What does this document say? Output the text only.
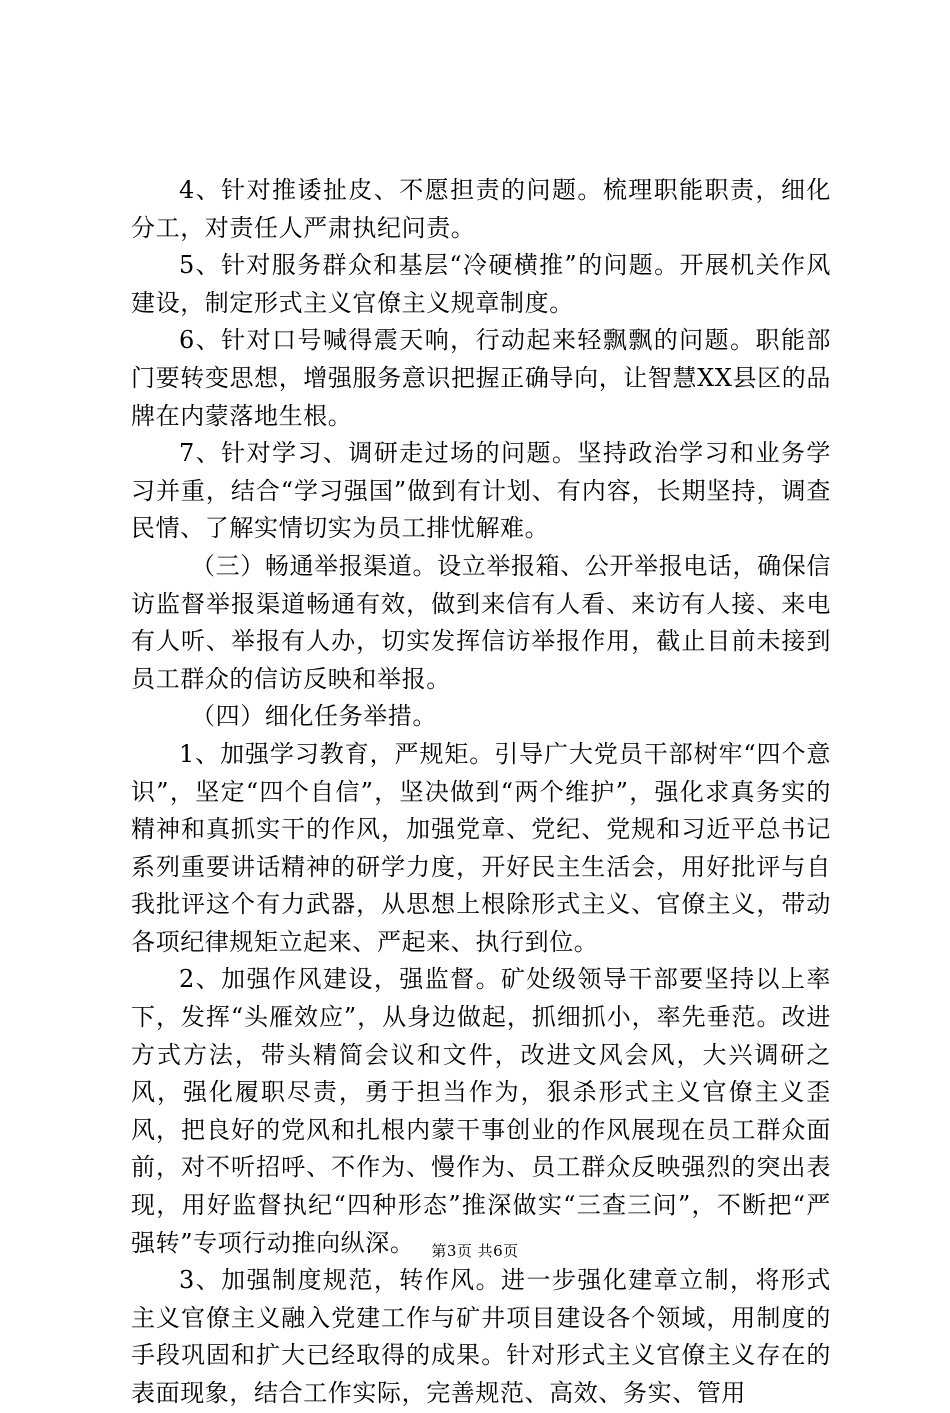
4、针对推诿扯皮、不愿担责的问题。梳理职能职责，细化分工，对责任人严肃执纪问责。

5、针对服务群众和基层“冷硬横推”的问题。开展机关作风建设，制定形式主义官僚主义规章制度。

6、针对口号喊得震天响，行动起来轻飘飘的问题。职能部门要转变思想，增强服务意识把握正确导向，让智慧XX县区的品牌在内蒙落地生根。

7、针对学习、调研走过场的问题。坚持政治学习和业务学习并重，结合“学习强国”做到有计划、有内容，长期坚持，调查民情、了解实情切实为员工排忧解难。

（三）畅通举报渠道。设立举报箱、公开举报电话，确保信访监督举报渠道畅通有效，做到来信有人看、来访有人接、来电有人听、举报有人办，切实发挥信访举报作用，截止目前未接到员工群众的信访反映和举报。

（四）细化任务举措。

1、加强学习教育，严规矩。引导广大党员干部树牢“四个意识”，坚定“四个自信”，坚决做到“两个维护”，强化求真务实的精神和真抓实干的作风，加强党章、党纪、党规和习近平总书记系列重要讲话精神的研学力度，开好民主生活会，用好批评与自我批评这个有力武器，从思想上根除形式主义、官僚主义，带动各项纪律规矩立起来、严起来、执行到位。

2、加强作风建设，强监督。矿处级领导干部要坚持以上率下，发挥“头雁效应”，从身边做起，抓细抓小，率先垂范。改进方式方法，带头精简会议和文件，改进文风会风，大兴调研之风，强化履职尽责，勇于担当作为，狠杀形式主义官僚主义歪风，把良好的党风和扎根内蒙干事创业的作风展现在员工群众面前，对不听招呼、不作为、慢作为、员工群众反映强烈的突出表现，用好监督执纪“四种形态”推深做实“三查三问”，不断把“严强转”专项行动推向纵深。

3、加强制度规范，转作风。进一步强化建章立制，将形式主义官僚主义融入党建工作与矿井项目建设各个领域，用制度的手段巩固和扩大已经取得的成果。针对形式主义官僚主义存在的表面现象，结合工作实际，完善规范、高效、务实、管用

第3页 共6页
